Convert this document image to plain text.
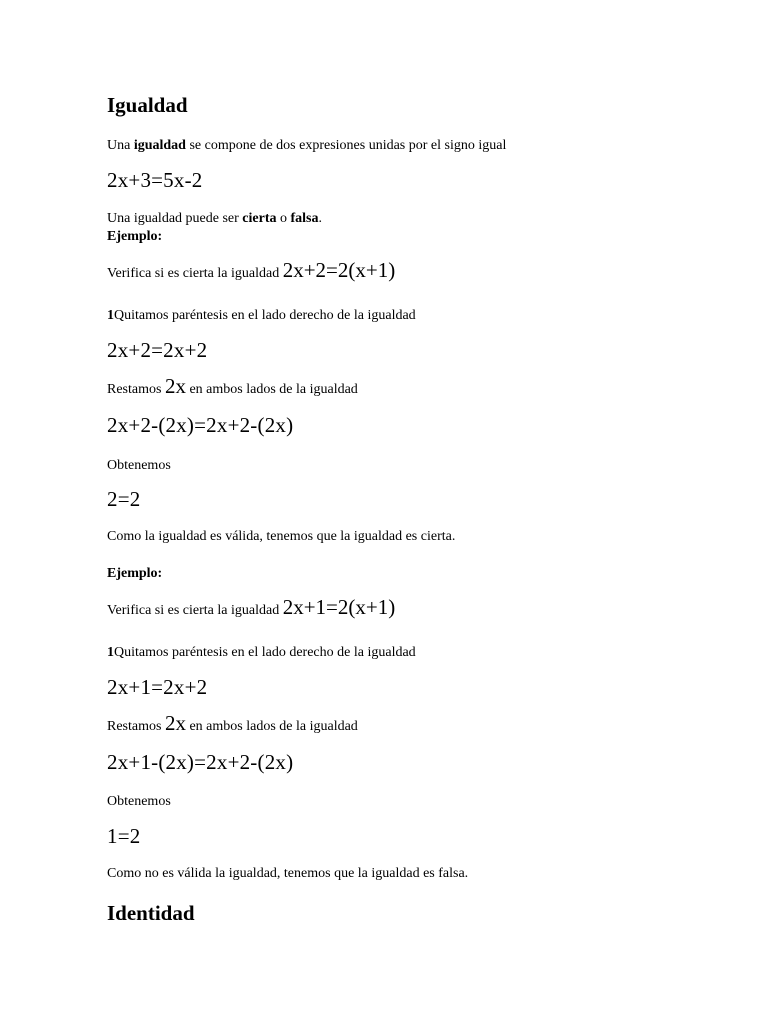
Igualdad
Una igualdad se compone de dos expresiones unidas por el signo igual
2x+3=5x-2
Una igualdad puede ser cierta o falsa.
Ejemplo:
Verifica si es cierta la igualdad 2x+2=2(x+1)
1Quitamos paréntesis en el lado derecho de la igualdad
2x+2=2x+2
Restamos 2x en ambos lados de la igualdad
2x+2-(2x)=2x+2-(2x)
Obtenemos
2=2
Como la igualdad es válida, tenemos que la igualdad es cierta.
Ejemplo:
Verifica si es cierta la igualdad 2x+1=2(x+1)
1Quitamos paréntesis en el lado derecho de la igualdad
2x+1=2x+2
Restamos 2x en ambos lados de la igualdad
2x+1-(2x)=2x+2-(2x)
Obtenemos
1=2
Como no es válida la igualdad, tenemos que la igualdad es falsa.
Identidad
